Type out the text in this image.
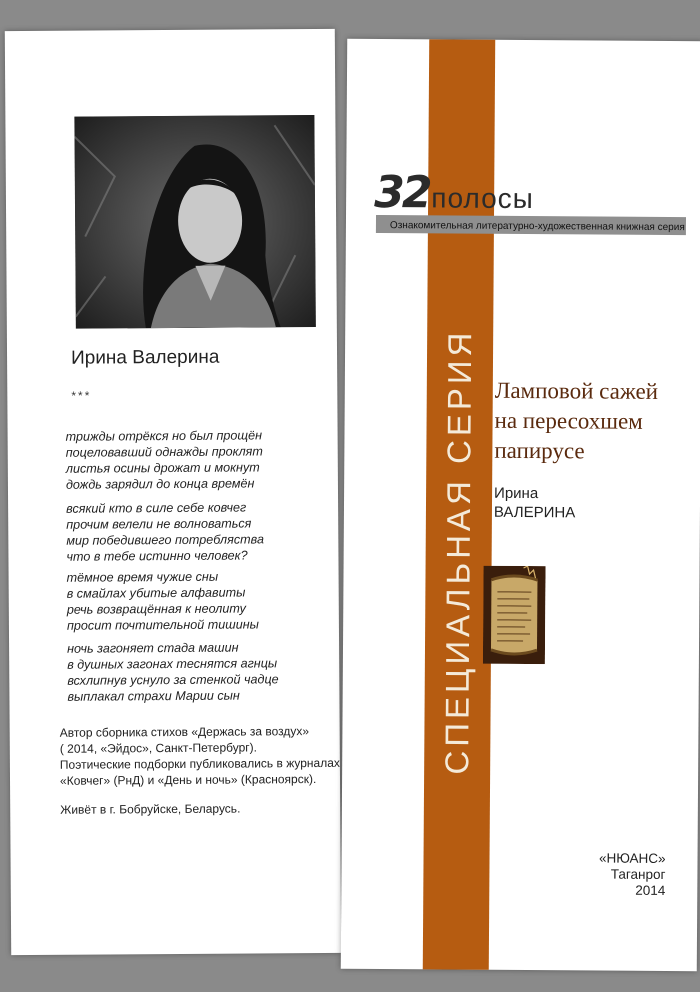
Ирина Валерина
***
трижды отрёкся но был прощён
поцеловавший однажды проклят
листья осины дрожат и мокнут
дождь зарядил до конца времён
всякий кто в силе себе ковчег
прочим велели не волноваться
мир победившего потребляства
что в тебе истинно человек?
тёмное время чужие сны
в смайлах убитые алфавиты
речь возвращённая к неолиту
просит почтительной тишины
ночь загоняет стада машин
в душных загонах теснятся агнцы
всхлипнув уснуло за стенкой чадце
выплакал страхи Марии сын
Автор сборника стихов «Держась за воздух»
( 2014, «Эйдос», Санкт-Петербург).
Поэтические подборки публиковались в журналах
«Ковчег» (РнД) и «День и ночь» (Красноярск).
Живёт в г. Бобруйске, Беларусь.
СПЕЦИАЛЬНАЯ СЕРИЯ
32полосы
Ознакомительная литературно-художественная книжная серия
Ламповой сажей
на пересохшем
папирусе
Ирина
ВАЛЕРИНА
«НЮАНС»
Таганрог
2014
